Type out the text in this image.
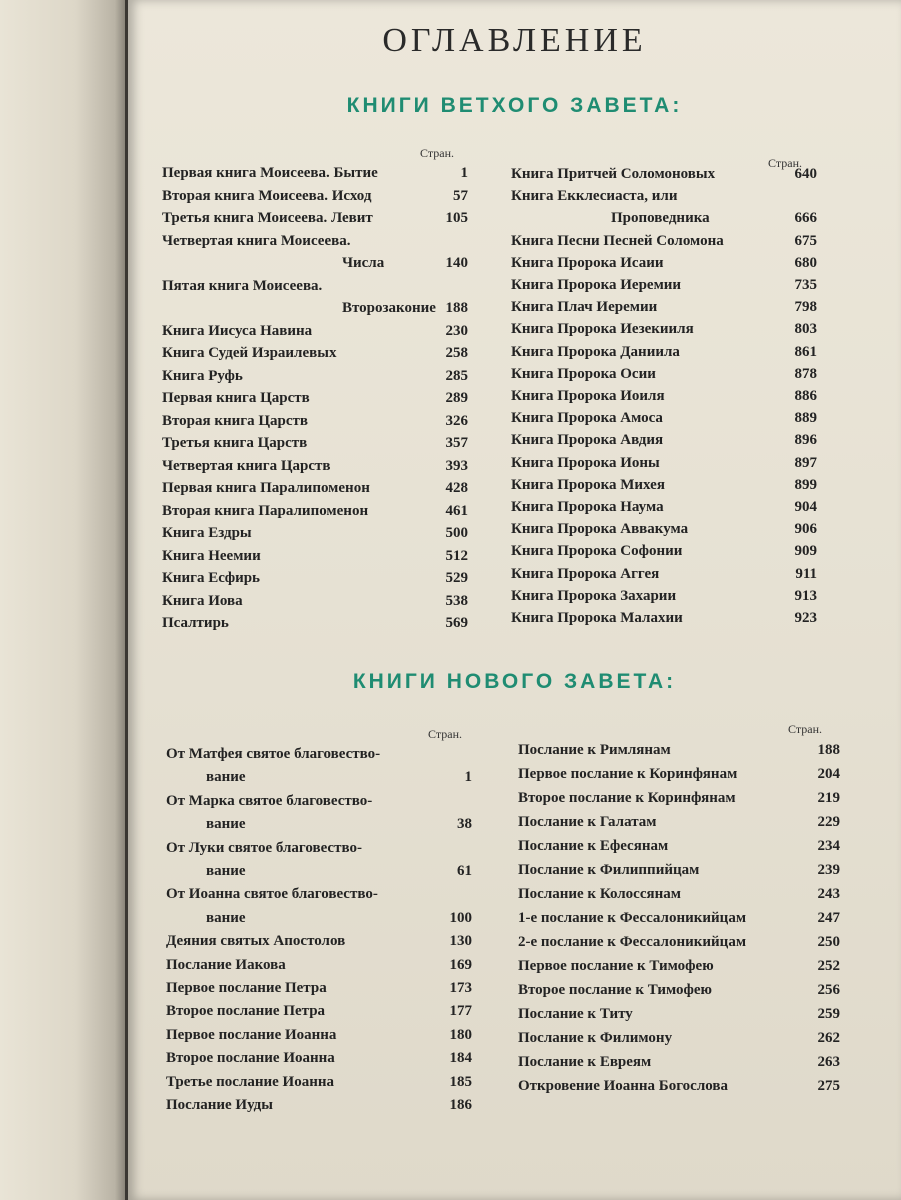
ОГЛАВЛЕНИЕ
КНИГИ ВЕТХОГО ЗАВЕТА:
Стран.
Стран.
Первая книга Моисеева. Бытие	1
Вторая книга Моисеева. Исход	57
Третья книга Моисеева. Левит	105
Четвертая книга Моисеева.
Числа	140
Пятая книга Моисеева.
Второзаконие 188
Книга Иисуса Навина	230
Книга Судей Израилевых	258
Книга Руфь	285
Первая книга Царств	289
Вторая книга Царств	326
Третья книга Царств	357
Четвертая книга Царств	393
Первая книга Паралипоменон	428
Вторая книга Паралипоменон	461
Книга Ездры	500
Книга Неемии	512
Книга Есфирь	529
Книга Иова	538
Псалтирь	569
Книга Притчей Соломоновых	640
Книга Екклесиаста, или
Проповедника	666
Книга Песни Песней Соломона	675
Книга Пророка Исаии	680
Книга Пророка Иеремии	735
Книга Плач Иеремии	798
Книга Пророка Иезекииля	803
Книга Пророка Даниила	861
Книга Пророка Осии	878
Книга Пророка Иоиля	886
Книга Пророка Амоса	889
Книга Пророка Авдия	896
Книга Пророка Ионы	897
Книга Пророка Михея	899
Книга Пророка Наума	904
Книга Пророка Аввакума	906
Книга Пророка Софонии	909
Книга Пророка Аггея	911
Книга Пророка Захарии	913
Книга Пророка Малахии	923
КНИГИ НОВОГО ЗАВЕТА:
Стран.	Стран.
От Матфея святое благовество-
вание	1
От Марка святое благовество-
вание	38
От Луки святое благовество-
вание	61
От Иоанна святое благовество-
вание	100
Деяния святых Апостолов	130
Послание Иакова	169
Первое послание Петра	173
Второе послание Петра	177
Первое послание Иоанна	180
Второе послание Иоанна	184
Третье послание Иоанна	185
Послание Иуды	186
Послание к Римлянам	188
Первое послание к Коринфянам	204
Второе послание к Коринфянам	219
Послание к Галатам	229
Послание к Ефесянам	234
Послание к Филиппийцам	239
Послание к Колоссянам	243
1-е послание к Фессалоникийцам	247
2-е послание к Фессалоникийцам	250
Первое послание к Тимофею	252
Второе послание к Тимофею	256
Послание к Титу	259
Послание к Филимону	262
Послание к Евреям	263
Откровение Иоанна Богослова	275
